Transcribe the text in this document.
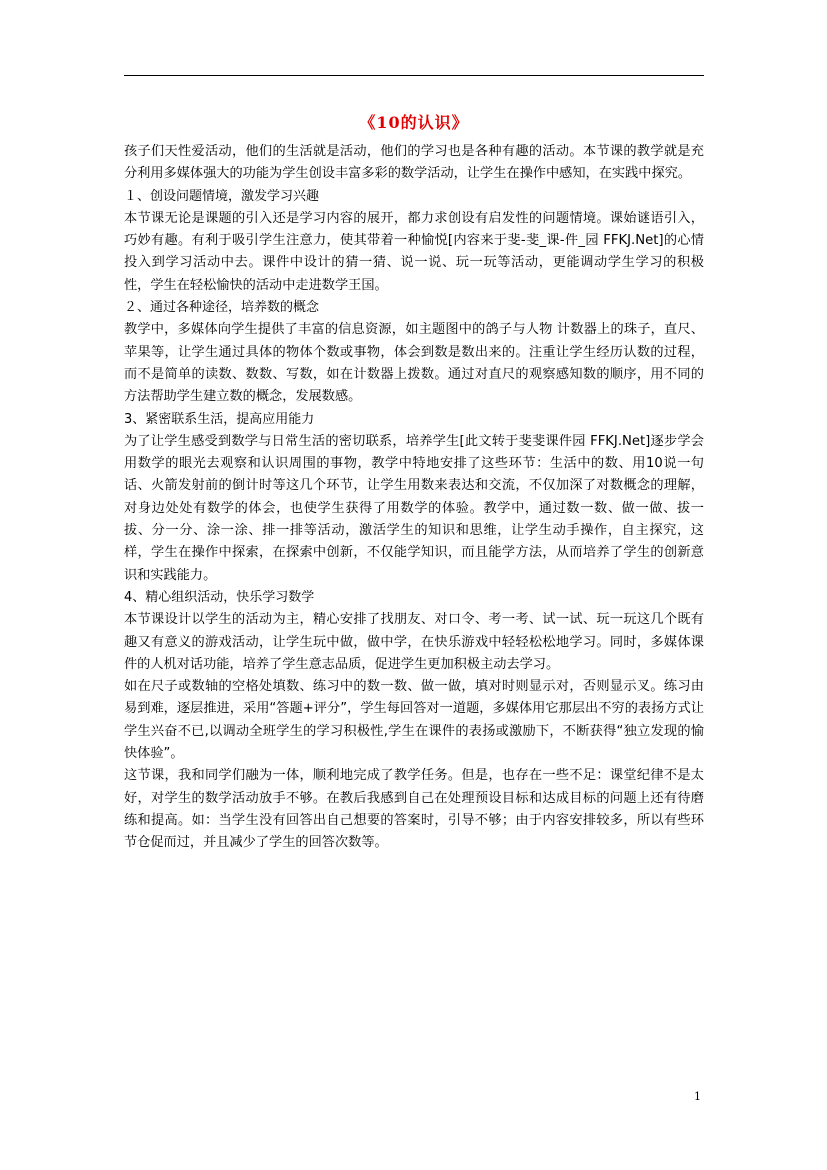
《10的认识》

孩子们天性爱活动，他们的生活就是活动，他们的学习也是各种有趣的活动。本节课的教学就是充分利用多媒体强大的功能为学生创设丰富多彩的数学活动，让学生在操作中感知，在实践中探究。

１、创设问题情境，激发学习兴趣

本节课无论是课题的引入还是学习内容的展开，都力求创设有启发性的问题情境。课始谜语引入，巧妙有趣。有利于吸引学生注意力，使其带着一种愉悦[内容来于斐-斐_课-件_园 FFKJ.Net]的心情投入到学习活动中去。课件中设计的猜一猜、说一说、玩一玩等活动，更能调动学生学习的积极性，学生在轻松愉快的活动中走进数学王国。

２、通过各种途径，培养数的概念

教学中，多媒体向学生提供了丰富的信息资源，如主题图中的鸽子与人物 计数器上的珠子，直尺、苹果等，让学生通过具体的物体个数或事物，体会到数是数出来的。注重让学生经历认数的过程，而不是简单的读数、数数、写数，如在计数器上拨数。通过对直尺的观察感知数的顺序，用不同的方法帮助学生建立数的概念，发展数感。

3、紧密联系生活，提高应用能力

为了让学生感受到数学与日常生活的密切联系，培养学生[此文转于斐斐课件园 FFKJ.Net]逐步学会用数学的眼光去观察和认识周围的事物，教学中特地安排了这些环节：生活中的数、用10说一句话、火箭发射前的倒计时等这几个环节，让学生用数来表达和交流，不仅加深了对数概念的理解，对身边处处有数学的体会，也使学生获得了用数学的体验。教学中，通过数一数、做一做、拔一拔、分一分、涂一涂、排一排等活动，激活学生的知识和思维，让学生动手操作，自主探究，这样，学生在操作中探索，在探索中创新，不仅能学知识，而且能学方法，从而培养了学生的创新意识和实践能力。

4、精心组织活动，快乐学习数学

本节课设计以学生的活动为主，精心安排了找朋友、对口令、考一考、试一试、玩一玩这几个既有趣又有意义的游戏活动，让学生玩中做，做中学，在快乐游戏中轻轻松松地学习。同时，多媒体课件的人机对话功能，培养了学生意志品质，促进学生更加积极主动去学习。

如在尺子或数轴的空格处填数、练习中的数一数、做一做，填对时则显示对，否则显示叉。练习由易到难，逐层推进，采用“答题+评分”，学生每回答对一道题，多媒体用它那层出不穷的表扬方式让学生兴奋不已,以调动全班学生的学习积极性,学生在课件的表扬或激励下，不断获得“独立发现的愉快体验”。

这节课，我和同学们融为一体，顺利地完成了教学任务。但是，也存在一些不足：课堂纪律不是太好，对学生的数学活动放手不够。在教后我感到自己在处理预设目标和达成目标的问题上还有待磨练和提高。如：当学生没有回答出自己想要的答案时，引导不够；由于内容安排较多，所以有些环节仓促而过，并且减少了学生的回答次数等。

1
